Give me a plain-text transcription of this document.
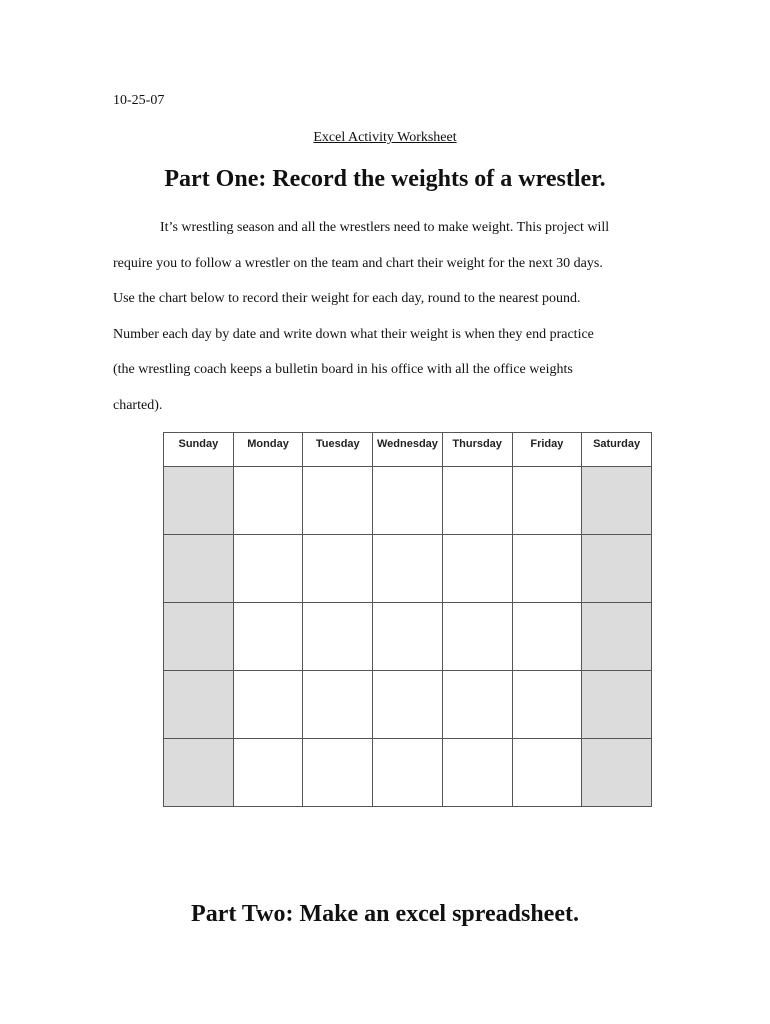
10-25-07
Excel Activity Worksheet
Part One: Record the weights of a wrestler.
It’s wrestling season and all the wrestlers need to make weight. This project will
require you to follow a wrestler on the team and chart their weight for the next 30 days.
Use the chart below to record their weight for each day, round to the nearest pound.
Number each day by date and write down what their weight is when they end practice
(the wrestling coach keeps a bulletin board in his office with all the office weights
charted).
Sunday	Monday	Tuesday	Wednesday	Thursday	Friday	Saturday

Part Two: Make an excel spreadsheet.
